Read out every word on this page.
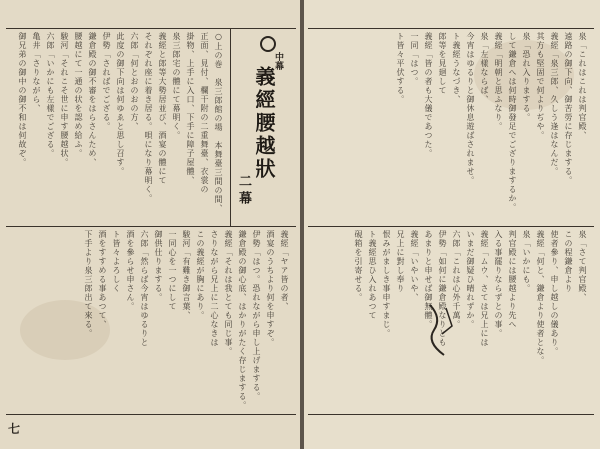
中幕
義經腰越狀
二幕
○上の巻　泉三郎館の場　本舞臺三間の間、
正面、見付、欄干附の二重舞臺、衣裳の
掛物、上手に入口、下手に障子屋體、
泉三郎宅の體にて幕明く。
義經と郎等大勢居並び、酒宴の體にて
それぞれ座に着き居る。唄になり幕明く。
六郎「何とおのおの方、
此度の御下向は何ゆゑと思し召す。
伊勢「さればでござる。
鎌倉殿の御不審をはらさんため、
腰越にて一通の状を認め給ふ。
駿河「それこそ世に申す腰越状。
六郎「いかにも左樣でござる。
亀井「さりながら、
御兄弟の御中の御不和は何故ぞ。
義經「ヤア皆の者、
酒宴のうちより何を申すぞ。
伊勢「はつ。恐れながら申し上げまする。
鎌倉殿の御心底、はかりがたく存じまする。
義經「それは我とても同じ事。
さりながら兄上に二心なきは
この義經が胸にあり。
駿河「有難き御言葉、
一同心を一つにして
御供仕りまする。
六郎「然らば今宵はゆるりと
酒を參らせ申さん。
ト皆々よろしく
酒をすすめる事あつて、
下手より泉三郎出て來る。
七
泉「これはこれは判官殿、
遠路の御下向、御苦勞に存じまする。
義經「泉三郎、久しう逢はなんだ。
其方も堅固で何よりぢや。
泉「恐れ入りまする。
して鎌倉へは何時御發足でござりまするか。
義經「明朝と思ふなり。
泉「左樣ならば、
今宵はゆるりと御休息遊ばされませ。
ト義經うなづき、
郎等を見廻して
義經「皆の者も大儀であつた。
一同「はつ。
ト皆々平伏する。
泉「さて判官殿、
この程鎌倉より
使者參り、申し越しの儀あり。
義經「何と、鎌倉より使者とな。
泉「いかにも。
判官殿には腰越より先へ
入る事罷りならずとの事。
義經「ムウ、さては兄上には
いまだ御疑ひ晴れずか。
六郎「これは心外千萬。
伊勢「如何に鎌倉殿なりとも
あまりと申せば御無體。
義經「いやいや、
兄上に對し奉り
恨みがましき事申すまじ。
ト義經思ひ入れあつて
硯箱を引寄せる。
